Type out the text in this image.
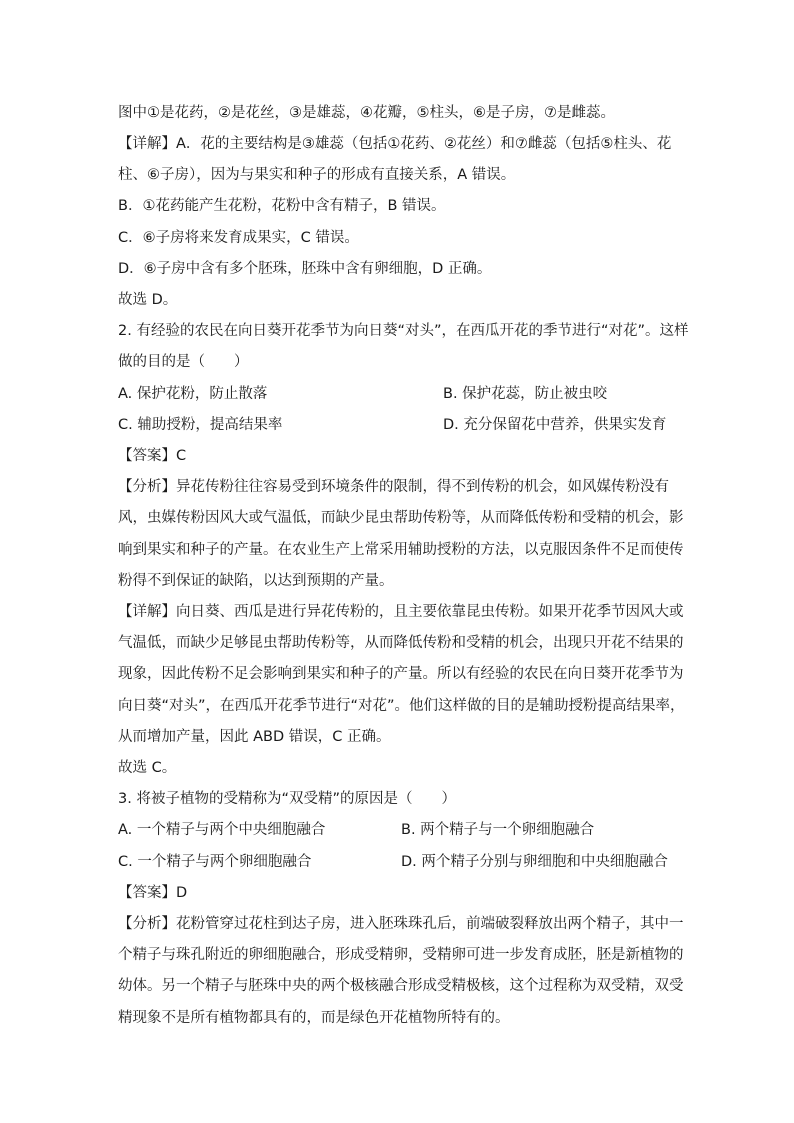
图中①是花药，②是花丝，③是雄蕊，④花瓣，⑤柱头，⑥是子房，⑦是雌蕊。
【详解】A．花的主要结构是③雄蕊（包括①花药、②花丝）和⑦雌蕊（包括⑤柱头、花
柱、⑥子房），因为与果实和种子的形成有直接关系，A 错误。
B．①花药能产生花粉，花粉中含有精子，B 错误。
C．⑥子房将来发育成果实，C 错误。
D．⑥子房中含有多个胚珠，胚珠中含有卵细胞，D 正确。
故选 D。
2. 有经验的农民在向日葵开花季节为向日葵“对头”，在西瓜开花的季节进行“对花”。这样
做的目的是（　　）
A. 保护花粉，防止散落	B. 保护花蕊，防止被虫咬
C. 辅助授粉，提高结果率	D. 充分保留花中营养，供果实发育
【答案】C
【分析】异花传粉往往容易受到环境条件的限制，得不到传粉的机会，如风媒传粉没有
风，虫媒传粉因风大或气温低，而缺少昆虫帮助传粉等，从而降低传粉和受精的机会，影
响到果实和种子的产量。在农业生产上常采用辅助授粉的方法，以克服因条件不足而使传
粉得不到保证的缺陷，以达到预期的产量。
【详解】向日葵、西瓜是进行异花传粉的，且主要依靠昆虫传粉。如果开花季节因风大或
气温低，而缺少足够昆虫帮助传粉等，从而降低传粉和受精的机会，出现只开花不结果的
现象，因此传粉不足会影响到果实和种子的产量。所以有经验的农民在向日葵开花季节为
向日葵“对头”，在西瓜开花季节进行“对花”。他们这样做的目的是辅助授粉提高结果率，
从而增加产量，因此 ABD 错误，C 正确。
故选 C。
3. 将被子植物的受精称为“双受精”的原因是（　　）
A. 一个精子与两个中央细胞融合	B. 两个精子与一个卵细胞融合
C. 一个精子与两个卵细胞融合	D. 两个精子分别与卵细胞和中央细胞融合
【答案】D
【分析】花粉管穿过花柱到达子房，进入胚珠珠孔后，前端破裂释放出两个精子，其中一
个精子与珠孔附近的卵细胞融合，形成受精卵，受精卵可进一步发育成胚，胚是新植物的
幼体。另一个精子与胚珠中央的两个极核融合形成受精极核，这个过程称为双受精，双受
精现象不是所有植物都具有的，而是绿色开花植物所特有的。
